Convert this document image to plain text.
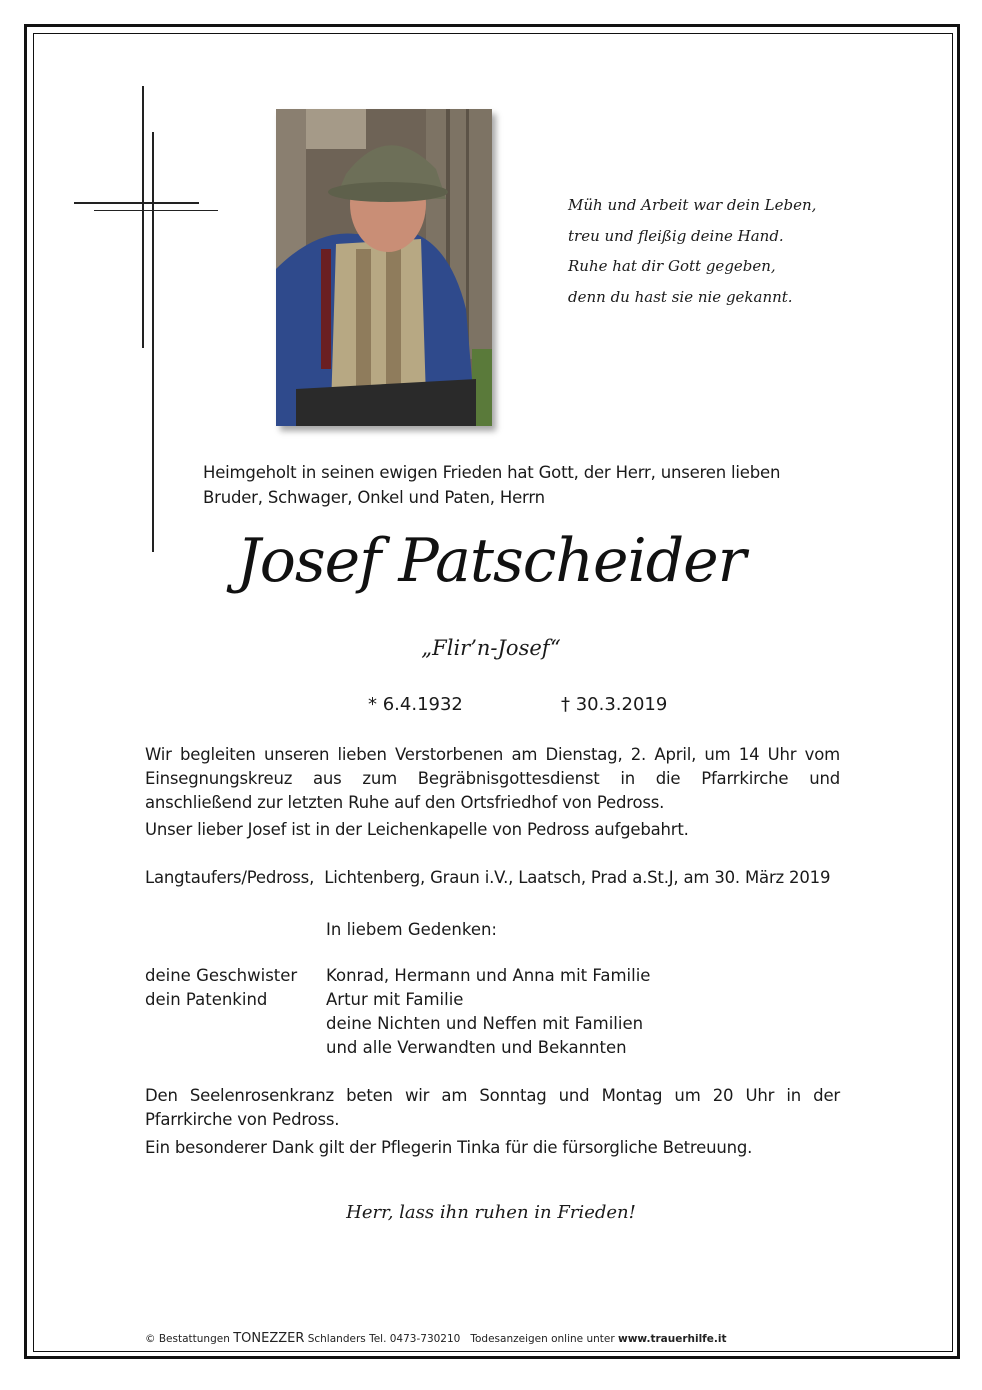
Müh und Arbeit war dein Leben,
treu und fleißig deine Hand.
Ruhe hat dir Gott gegeben,
denn du hast sie nie gekannt.
Heimgeholt in seinen ewigen Frieden hat Gott, der Herr, unseren lieben Bruder, Schwager, Onkel und Paten, Herrn
Josef Patscheider
„Flir’n-Josef“
* 6.4.1932	† 30.3.2019
Wir begleiten unseren lieben Verstorbenen am Dienstag, 2. April, um 14 Uhr vom Einsegnungskreuz aus zum Begräbnisgottesdienst in die Pfarrkirche und anschließend zur letzten Ruhe auf den Ortsfriedhof von Pedross.
Unser lieber Josef ist in der Leichenkapelle von Pedross aufgebahrt.
Langtaufers/Pedross,  Lichtenberg, Graun i.V., Laatsch, Prad a.St.J, am 30. März 2019
In liebem Gedenken:
deine Geschwister Konrad, Hermann und Anna mit Familie
dein Patenkind	Artur mit Familie
deine Nichten und Neffen mit Familien
und alle Verwandten und Bekannten
Den Seelenrosenkranz beten wir am Sonntag und Montag um 20 Uhr in der Pfarrkirche von Pedross.
Ein besonderer Dank gilt der Pflegerin Tinka für die fürsorgliche Betreuung.
Herr, lass ihn ruhen in Frieden!
© Bestattungen TONEZZER Schlanders Tel. 0473-730210 Todesanzeigen online unter www.trauerhilfe.it
